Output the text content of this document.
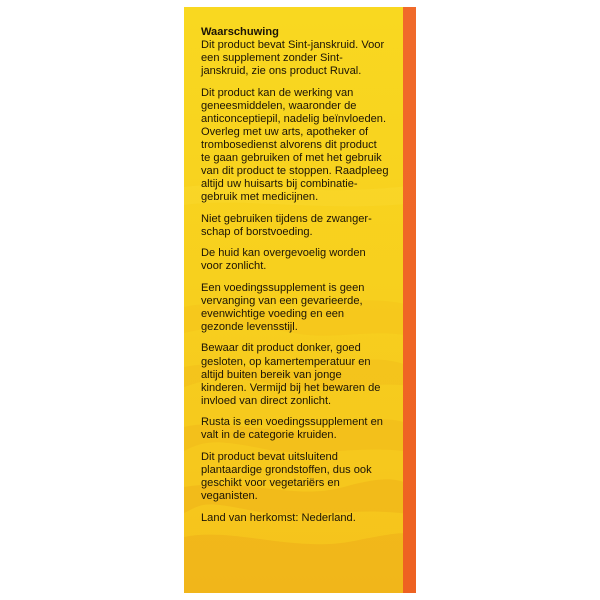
Waarschuwing

Dit product bevat Sint-janskruid. Voor
een supplement zonder Sint-
janskruid, zie ons product Ruval.

Dit product kan de werking van
geneesmiddelen, waaronder de
anticonceptiepil, nadelig beïnvloeden.
Overleg met uw arts, apotheker of
trombosedienst alvorens dit product
te gaan gebruiken of met het gebruik
van dit product te stoppen. Raadpleeg
altijd uw huisarts bij combinatie-
gebruik met medicijnen.

Niet gebruiken tijdens de zwanger-
schap of borstvoeding.

De huid kan overgevoelig worden
voor zonlicht.

Een voedingssupplement is geen
vervanging van een gevarieerde,
evenwichtige voeding en een
gezonde levensstijl.

Bewaar dit product donker, goed
gesloten, op kamertemperatuur en
altijd buiten bereik van jonge
kinderen. Vermijd bij het bewaren de
invloed van direct zonlicht.

Rusta is een voedingssupplement en
valt in de categorie kruiden.

Dit product bevat uitsluitend
plantaardige grondstoffen, dus ook
geschikt voor vegetariërs en
veganisten.

Land van herkomst: Nederland.
